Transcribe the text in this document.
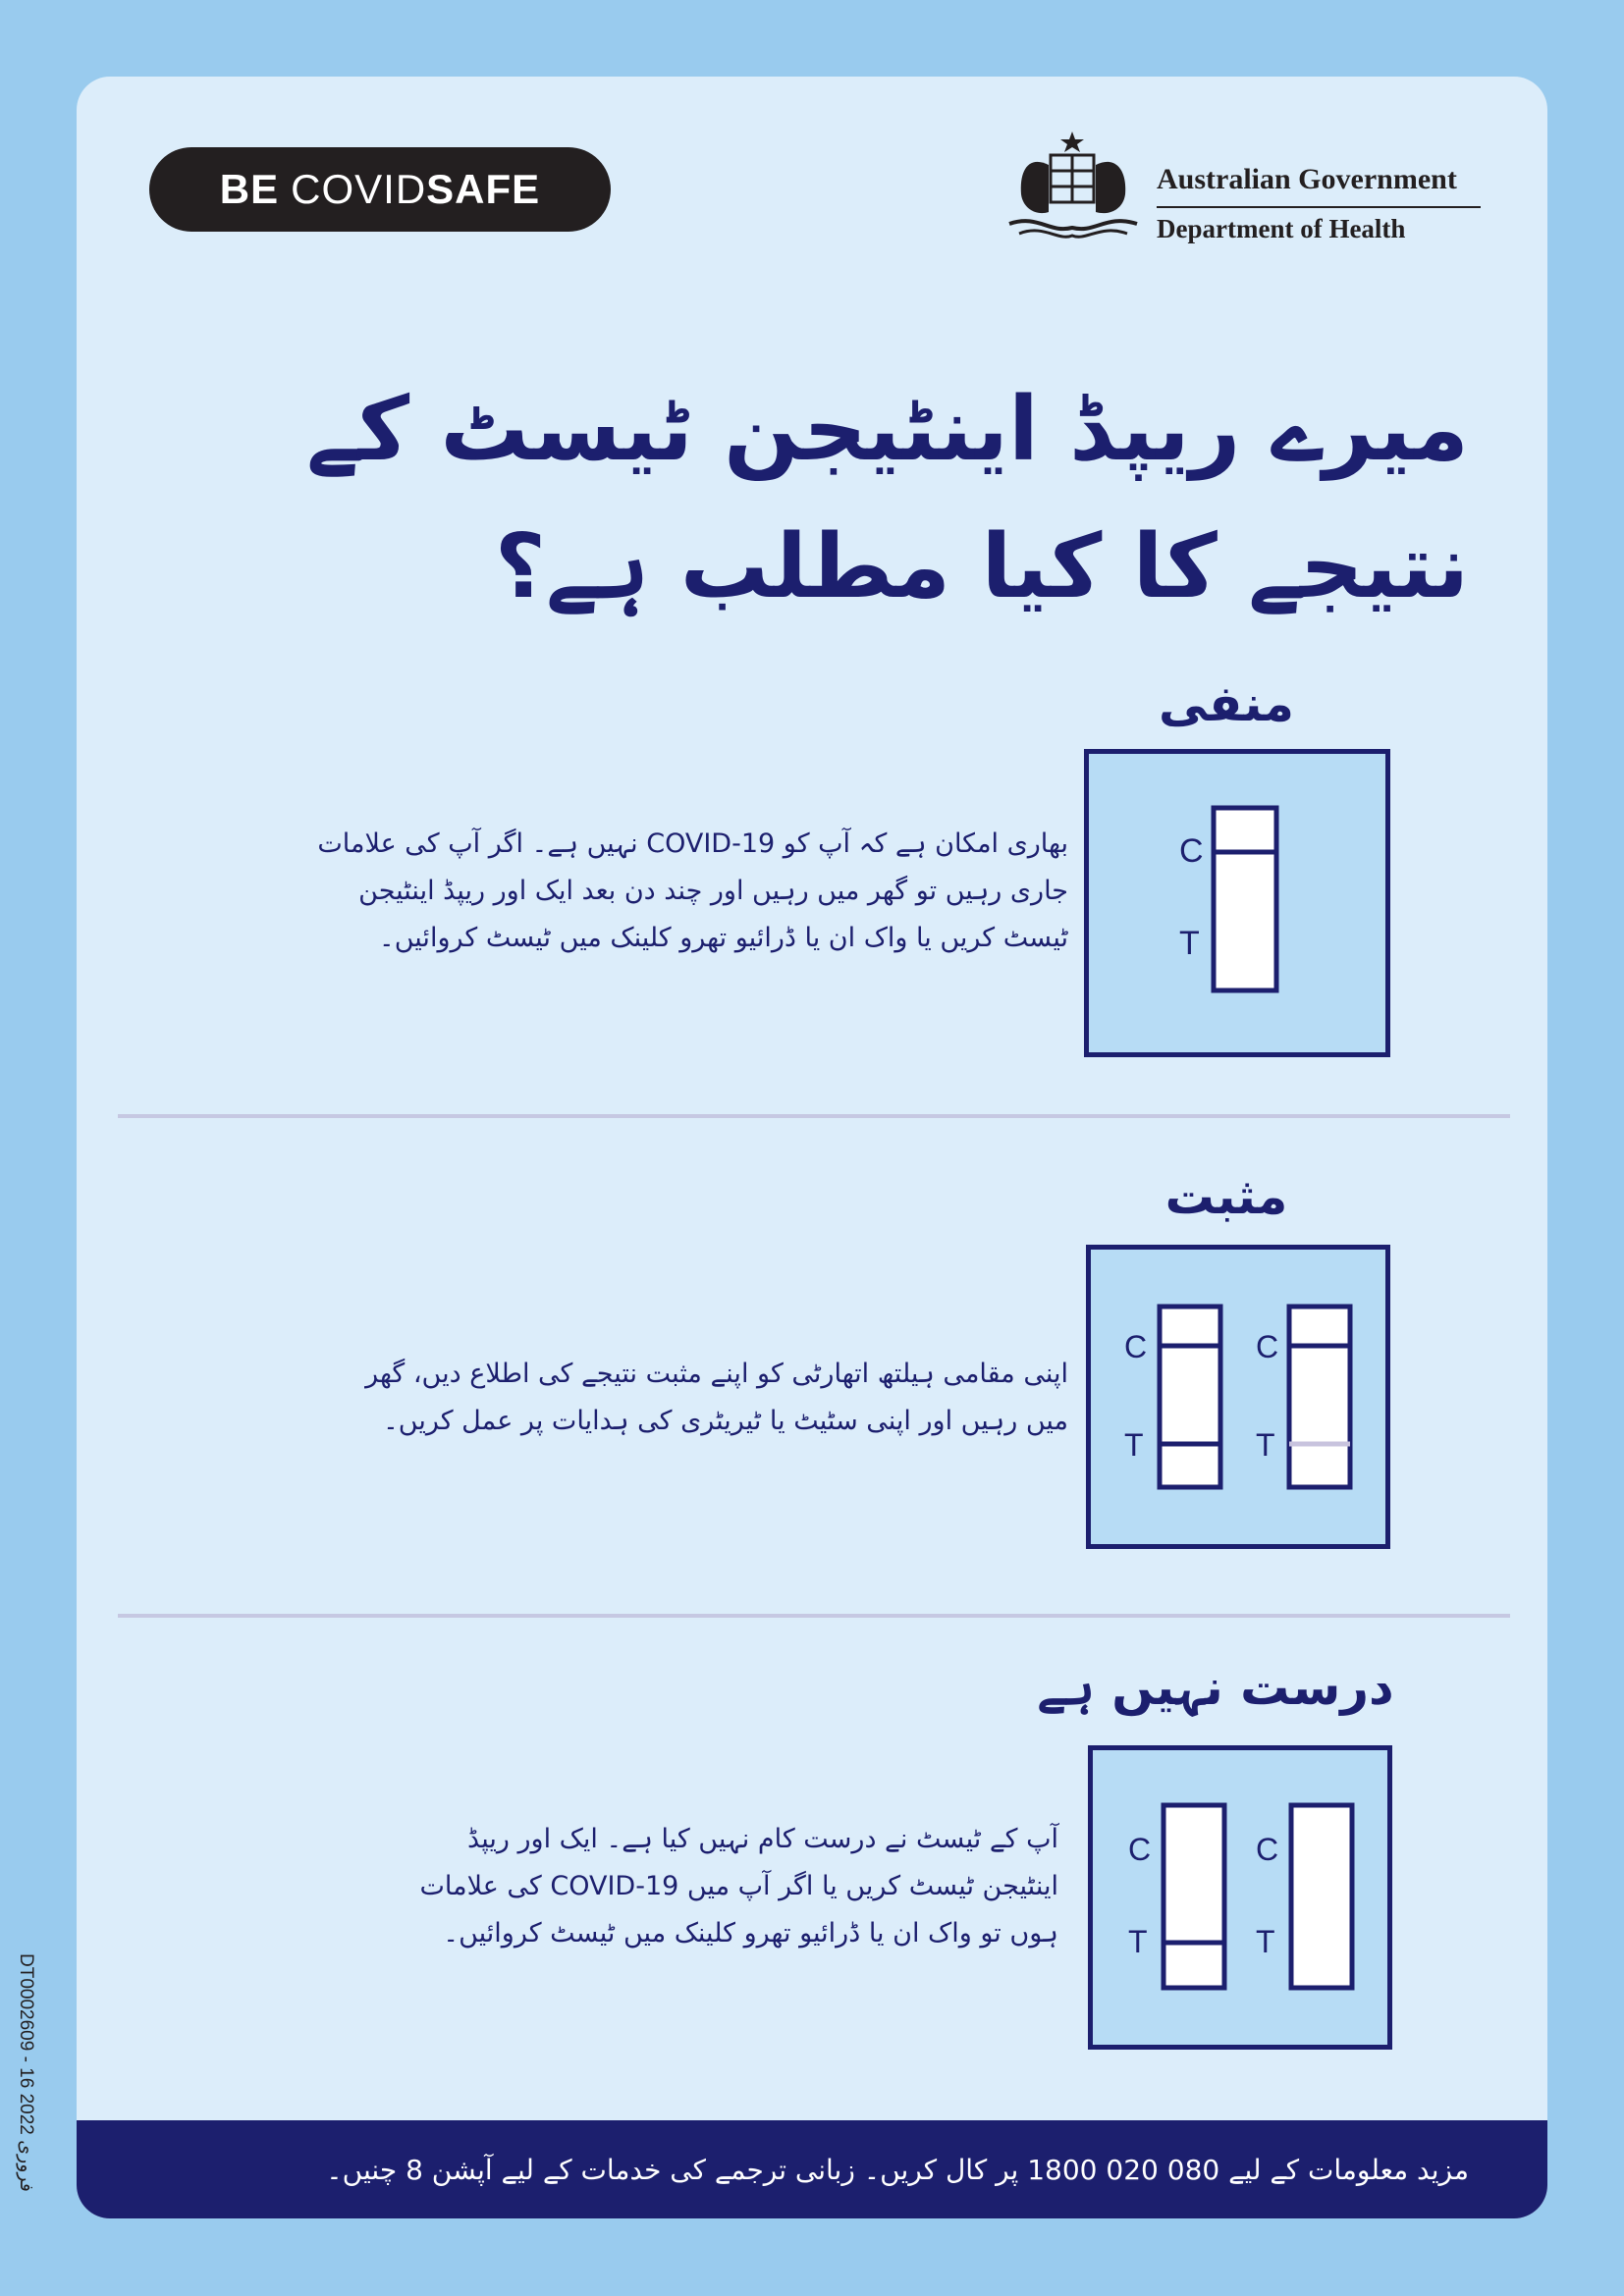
BE COVID SAFE	Australian Government
Department of Health
میرے ریپڈ اینٹیجن ٹیسٹ کے
نتیجے کا کیا مطلب ہے؟
منفی
بھاری امکان ہے کہ آپ کو COVID-19 نہیں ہے۔ اگر آپ کی علامات
جاری رہیں تو گھر میں رہیں اور چند دن بعد ایک اور ریپڈ اینٹیجن
ٹیسٹ کریں یا واک ان یا ڈرائیو تھرو کلینک میں ٹیسٹ کروائیں۔
C
T
مثبت
اپنی مقامی ہیلتھ اتھارٹی کو اپنے مثبت نتیجے کی اطلاع دیں، گھر
میں رہیں اور اپنی سٹیٹ یا ٹیریٹری کی ہدایات پر عمل کریں۔
C
T
C
T
درست نہیں ہے
آپ کے ٹیسٹ نے درست کام نہیں کیا ہے۔ ایک اور ریپڈ
اینٹیجن ٹیسٹ کریں یا اگر آپ میں COVID-19 کی علامات
ہوں تو واک ان یا ڈرائیو تھرو کلینک میں ٹیسٹ کروائیں۔
C
T
C
T
مزید معلومات کے لیے 080 020 1800 پر کال کریں۔ زبانی ترجمے کی خدمات کے لیے آپشن 8 چنیں۔
DT0002609 - 16 فروری 2022
